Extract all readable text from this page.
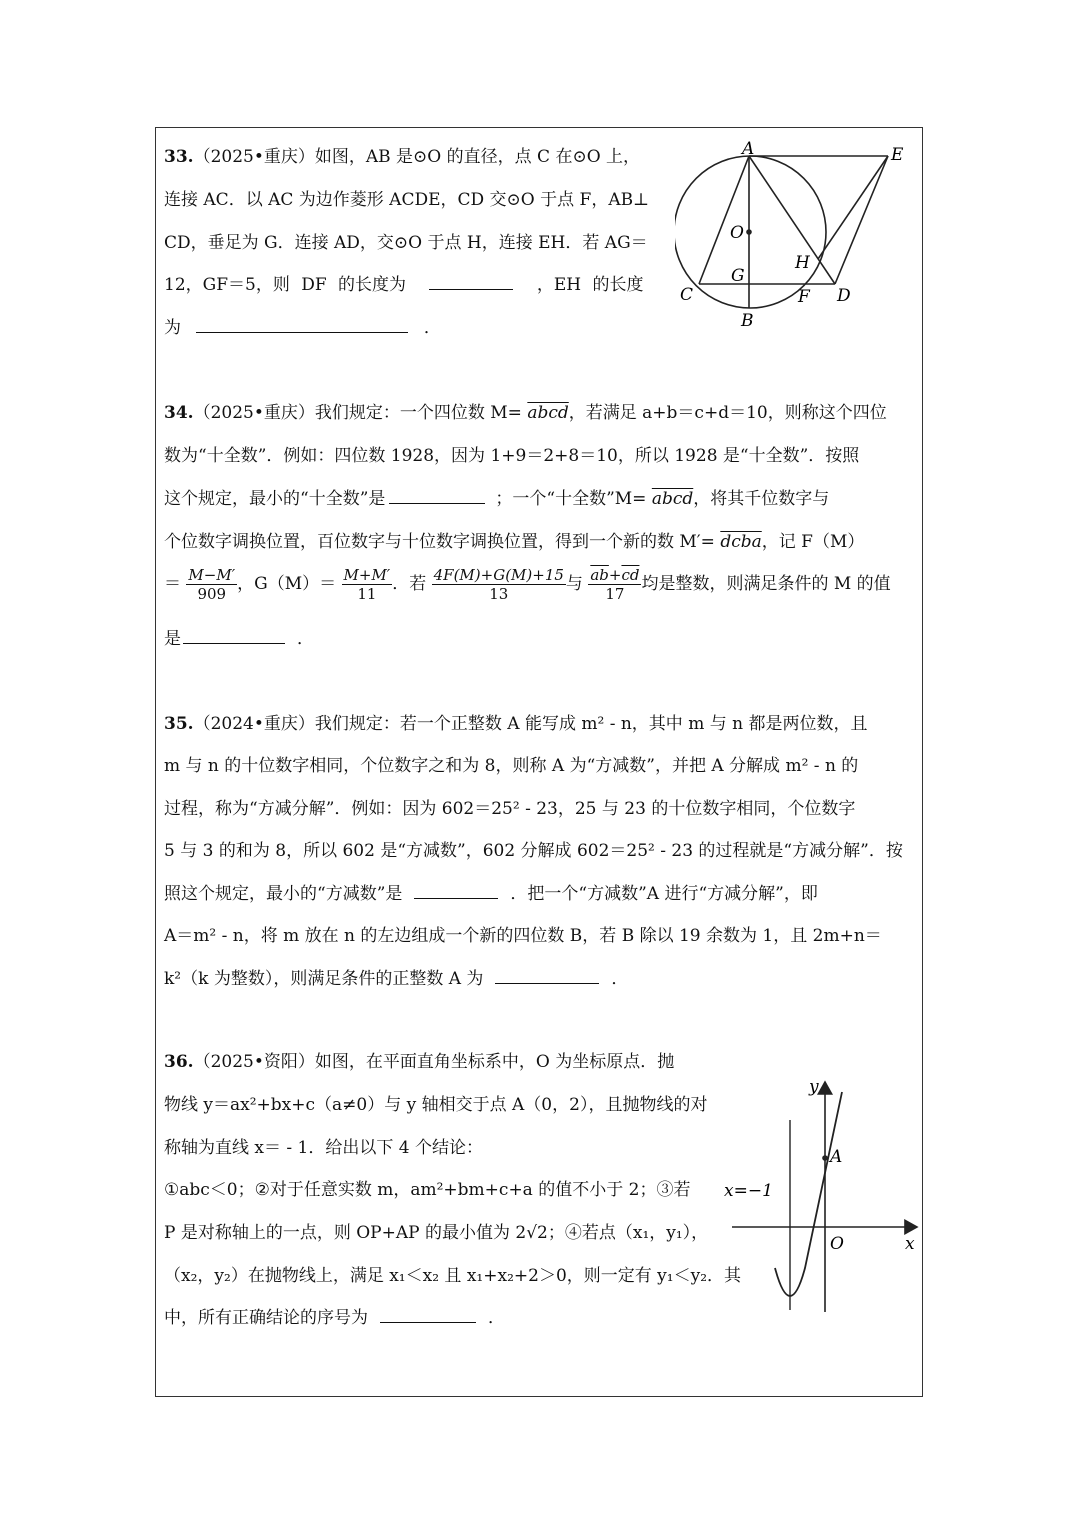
33.（2025•重庆）如图，AB 是⊙O 的直径，点 C 在⊙O 上，
连接 AC．以 AC 为边作菱形 ACDE，CD 交⊙O 于点 F，AB⊥
CD，垂足为 G．连接 AD，交⊙O 于点 H，连接 EH．若 AG＝
12，GF＝5，则 DF 的长度为	，EH 的长度
为	．
A	E
O
H
G
C	F D
B
34.（2025•重庆）我们规定：一个四位数 M= abcd，若满足 a+b＝c+d＝10，则称这个四位
数为“十全数”．例如：四位数 1928，因为 1+9＝2+8＝10，所以 1928 是“十全数”．按照
这个规定，最小的“十全数”是	；一个“十全数”M= abcd，将其千位数字与
个位数字调换位置，百位数字与十位数字调换位置，得到一个新的数 M′= dcba，记 F（M）
＝ $\frac{M-M'}{909}$ ，$G(M)= \frac{M+M'}{11}$ ．若 $\frac{4F(M)+G(M)+15}{13}$ 与 $\frac{\overline{ab}+\overline{cd}}{17}$ 均是整数，则满足条件的 M 的值
是	．
35.（2024•重庆）我们规定：若一个正整数 A 能写成 m² - n，其中 m 与 n 都是两位数，且
m 与 n 的十位数字相同，个位数字之和为 8，则称 A 为“方减数”，并把 A 分解成 m² - n 的
过程，称为“方减分解”．例如：因为 602＝25² - 23，25 与 23 的十位数字相同，个位数字
5 与 3 的和为 8，所以 602 是“方减数”，602 分解成 602＝25² - 23 的过程就是“方减分解”．按
照这个规定，最小的“方减数”是	．把一个“方减数”A 进行“方减分解”，即
A＝m² - n，将 m 放在 n 的左边组成一个新的四位数 B，若 B 除以 19 余数为 1，且 2m+n＝
k²（k 为整数），则满足条件的正整数 A 为	．
36.（2025•资阳）如图，在平面直角坐标系中，O 为坐标原点．抛
物线 y＝ax²+bx+c（a≠0）与 y 轴相交于点 A（0，2），且抛物线的对
称轴为直线 x＝ - 1．给出以下 4 个结论：
①abc＜0；②对于任意实数 m，am²+bm+c+a 的值不小于 2；③若
P 是对称轴上的一点，则 OP+AP 的最小值为 2√2；④若点（x₁，y₁），
（x₂，y₂）在抛物线上，满足 x₁＜x₂ 且 x₁+x₂+2＞0，则一定有 y₁＜y₂．其
中，所有正确结论的序号为	．
y
x
A
O
x=−1
